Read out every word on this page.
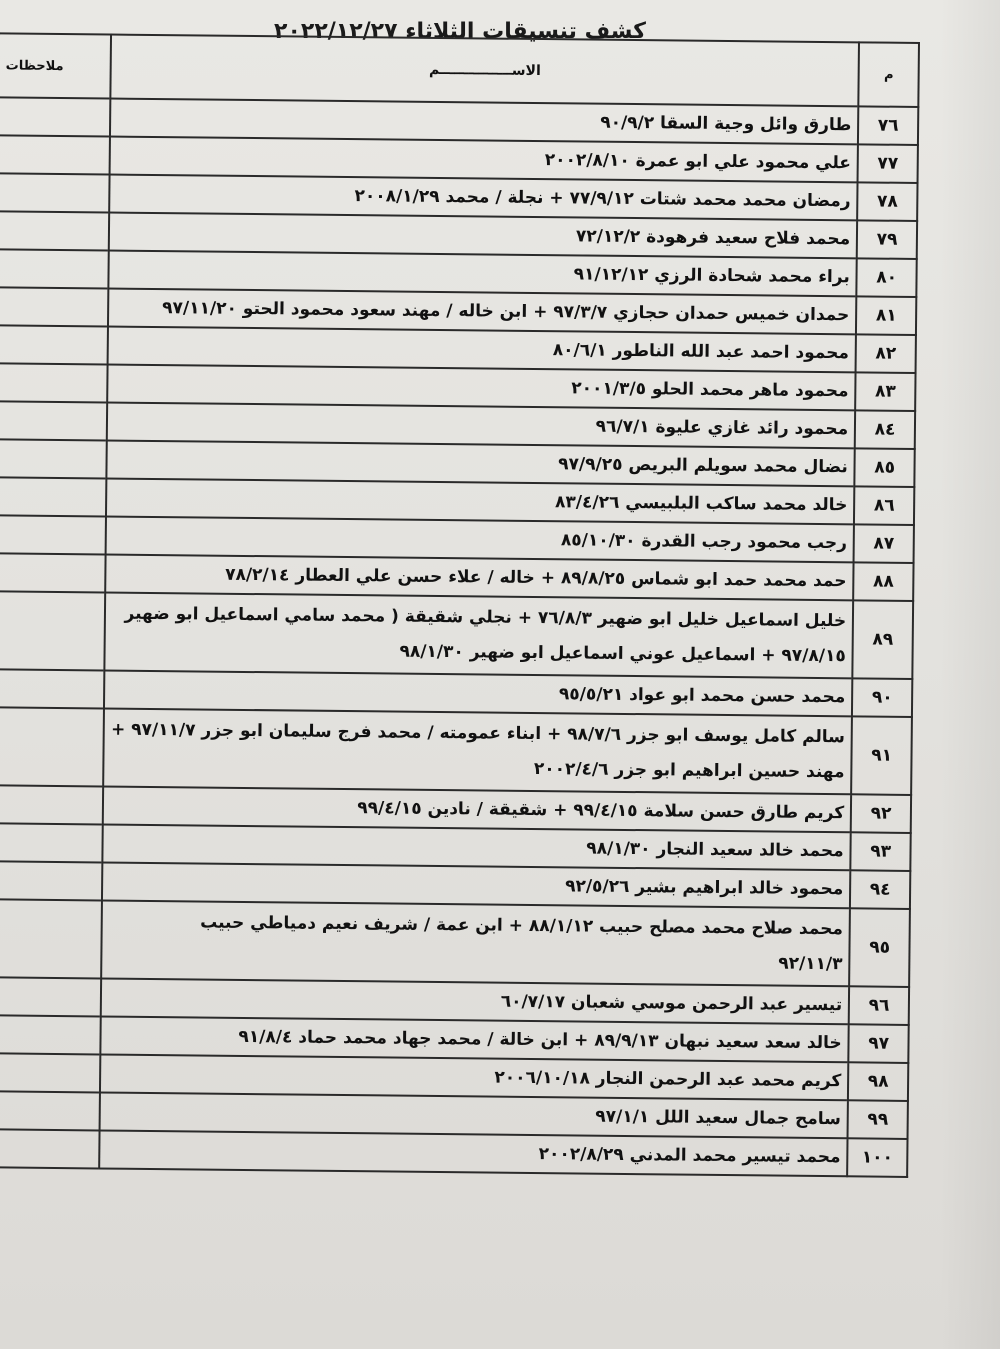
كشف تنسيقات الثلاثاء ٢٠٢٢/١٢/٢٧
م	الاســـــــــــــــم	ملاحظات
٧٦	طارق وائل وجية السقا ٩٠/٩/٢	

٧٧	علي محمود علي ابو عمرة ٢٠٠٢/٨/١٠	

٧٨	رمضان محمد محمد شتات ٧٧/٩/١٢ + نجلة / محمد ٢٠٠٨/١/٢٩	

٧٩	محمد فلاح سعيد فرهودة ٧٢/١٢/٢	

٨٠	براء محمد شحادة الرزي ٩١/١٢/١٢	

٨١	حمدان خميس حمدان حجازي ٩٧/٣/٧ + ابن خاله / مهند سعود محمود الحتو ٩٧/١١/٢٠	

٨٢	محمود احمد عبد الله الناطور ٨٠/٦/١	

٨٣	محمود ماهر محمد الحلو ٢٠٠١/٣/٥	

٨٤	محمود رائد غازي عليوة ٩٦/٧/١	

٨٥	نضال محمد سويلم البريص ٩٧/٩/٢٥	

٨٦	خالد محمد ساكب البلبيسي ٨٣/٤/٢٦	

٨٧	رجب محمود رجب القدرة ٨٥/١٠/٣٠	

٨٨	حمد محمد حمد ابو شماس ٨٩/٨/٢٥ + خاله / علاء حسن علي العطار ٧٨/٢/١٤	

٨٩	خليل اسماعيل خليل ابو ضهير ٧٦/٨/٣ + نجلي شقيقة ( محمد سامي اسماعيل ابو ضهير
٩٧/٨/١٥ + اسماعيل عوني اسماعيل ابو ضهير ٩٨/١/٣٠	

٩٠	محمد حسن محمد ابو عواد ٩٥/٥/٢١	

٩١	سالم كامل يوسف ابو جزر ٩٨/٧/٦ + ابناء عمومته / محمد فرج سليمان ابو جزر ٩٧/١١/٧ +
مهند حسين ابراهيم ابو جزر ٢٠٠٢/٤/٦	

٩٢	كريم طارق حسن سلامة ٩٩/٤/١٥ + شقيقة / نادين ٩٩/٤/١٥	

٩٣	محمد خالد سعيد النجار ٩٨/١/٣٠	

٩٤	محمود خالد ابراهيم بشير ٩٢/٥/٢٦	

٩٥	محمد صلاح محمد مصلح حبيب ٨٨/١/١٢ + ابن عمة / شريف نعيم دمياطي حبيب
٩٢/١١/٣	

٩٦	تيسير عبد الرحمن موسي شعبان ٦٠/٧/١٧	

٩٧	خالد سعد سعيد نبهان ٨٩/٩/١٣ + ابن خالة / محمد جهاد محمد حماد ٩١/٨/٤	

٩٨	كريم محمد عبد الرحمن النجار ٢٠٠٦/١٠/١٨	

٩٩	سامح جمال سعيد اللل ٩٧/١/١	

١٠٠	محمد تيسير محمد المدني ٢٠٠٢/٨/٢٩	
